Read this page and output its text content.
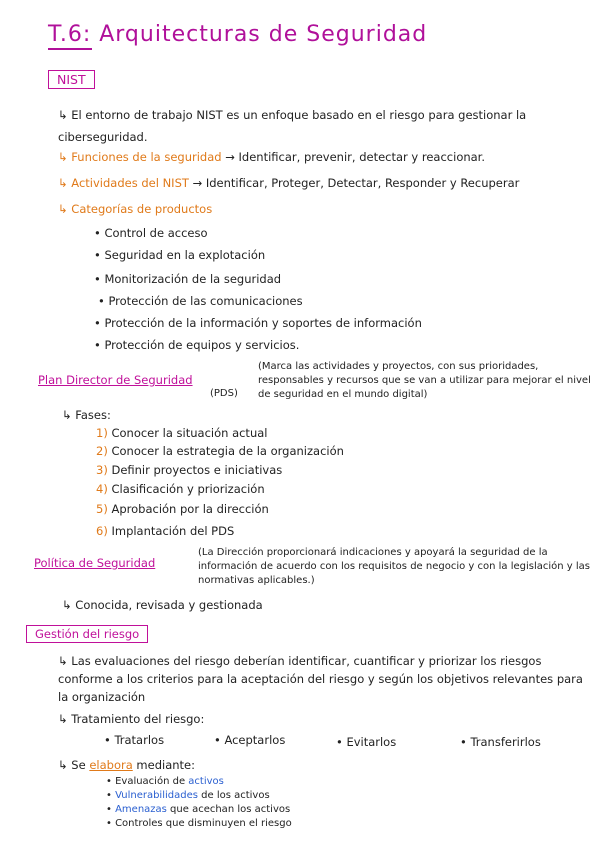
T.6: Arquitecturas de Seguridad
NIST
↳ El entorno de trabajo NIST es un enfoque basado en el riesgo para gestionar la ciberseguridad.
↳ Funciones de la seguridad → Identificar, prevenir, detectar y reaccionar.
↳ Actividades del NIST → Identificar, Proteger, Detectar, Responder y Recuperar
↳ Categorías de productos
• Control de acceso
• Seguridad en la explotación
• Monitorización de la seguridad
• Protección de las comunicaciones
• Protección de la información y soportes de información
• Protección de equipos y servicios.
Plan Director de Seguridad
(PDS)
(Marca las actividades y proyectos, con sus prioridades, responsables y recursos que se van a utilizar para mejorar el nivel de seguridad en el mundo digital)
↳ Fases:
1) Conocer la situación actual
2) Conocer la estrategia de la organización
3) Definir proyectos e iniciativas
4) Clasificación y priorización
5) Aprobación por la dirección
6) Implantación del PDS
Política de Seguridad
(La Dirección proporcionará indicaciones y apoyará la seguridad de la información de acuerdo con los requisitos de negocio y con la legislación y las normativas aplicables.)
↳ Conocida, revisada y gestionada
Gestión del riesgo
↳ Las evaluaciones del riesgo deberían identificar, cuantificar y priorizar los riesgos conforme a los criterios para la aceptación del riesgo y según los objetivos relevantes para la organización
↳ Tratamiento del riesgo:
• Tratarlos	• Aceptarlos	• Evitarlos	• Transferirlos
↳ Se elabora mediante:
• Evaluación de activos
• Vulnerabilidades de los activos
• Amenazas que acechan los activos
• Controles que disminuyen el riesgo
